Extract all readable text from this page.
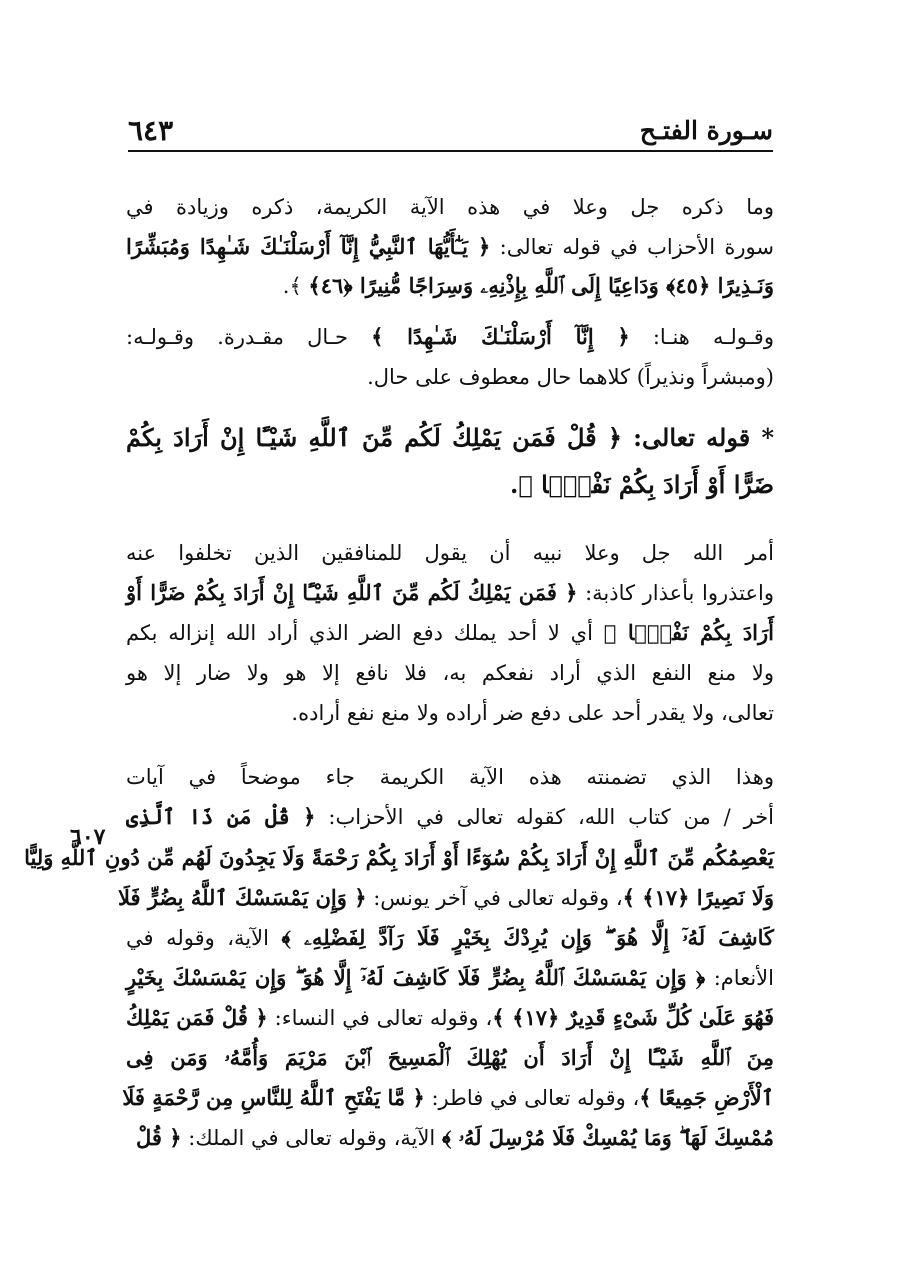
سـورة الفتـح
٦٤٣
وما ذكره جل وعلا في هذه الآية الكريمة، ذكره وزيادة في
سورة الأحزاب في قوله تعالى: ﴿ يَـٰٓأَيُّهَا ٱلنَّبِيُّ إِنَّآ أَرْسَلْنَـٰكَ شَـٰهِدًا وَمُبَشِّرًا
وَنَـذِيرًا ﴿٤٥﴾ وَدَاعِيًا إِلَى ٱللَّهِ بِإِذْنِهِۦ وَسِرَاجًا مُّنِيرًا ﴿٤٦﴾ ﴾.
وقـولـه هنـا: ﴿ إِنَّآ أَرْسَلْنَـٰكَ شَـٰهِدًا ﴾ حـال مقـدرة. وقـولـه:
(ومبشراً ونذيراً) كلاهما حال معطوف على حال.
* قوله تعالى: ﴿ قُلْ فَمَن يَمْلِكُ لَكُم مِّنَ ٱللَّهِ شَيْـًٔا إِنْ أَرَادَ بِكُمْ
ضَرًّا أَوْ أَرَادَ بِكُمْ نَفْعًۢا ﴾.
أمر الله جل وعلا نبيه أن يقول للمنافقين الذين تخلفوا عنه
واعتذروا بأعذار كاذبة: ﴿ فَمَن يَمْلِكُ لَكُم مِّنَ ٱللَّهِ شَيْـًٔا إِنْ أَرَادَ بِكُمْ ضَرًّا أَوْ
أَرَادَ بِكُمْ نَفْعًۢا ﴾ أي لا أحد يملك دفع الضر الذي أراد الله إنزاله بكم
ولا منع النفع الذي أراد نفعكم به، فلا نافع إلا هو ولا ضار إلا هو
تعالى، ولا يقدر أحد على دفع ضر أراده ولا منع نفع أراده.
وهذا الذي تضمنته هذه الآية الكريمة جاء موضحاً في آيات
أخر / من كتاب الله، كقوله تعالى في الأحزاب: ﴿ قُلْ مَن ذَا ٱلَّذِى
يَعْصِمُكُم مِّنَ ٱللَّهِ إِنْ أَرَادَ بِكُمْ سُوٓءًا أَوْ أَرَادَ بِكُمْ رَحْمَةً وَلَا يَجِدُونَ لَهُم مِّن دُونِ ٱللَّهِ وَلِيًّا
وَلَا نَصِيرًا ﴿١٧﴾ ﴾، وقوله تعالى في آخر يونس: ﴿ وَإِن يَمْسَسْكَ ٱللَّهُ بِضُرٍّ فَلَا
كَاشِفَ لَهُۥٓ إِلَّا هُوَ ۖ وَإِن يُرِدْكَ بِخَيْرٍ فَلَا رَآدَّ لِفَضْلِهِۦ ﴾ الآية، وقوله في
الأنعام: ﴿ وَإِن يَمْسَسْكَ ٱللَّهُ بِضُرٍّ فَلَا كَاشِفَ لَهُۥٓ إِلَّا هُوَ ۖ وَإِن يَمْسَسْكَ بِخَيْرٍ
فَهُوَ عَلَىٰ كُلِّ شَىْءٍ قَدِيرٌ ﴿١٧﴾ ﴾، وقوله تعالى في النساء: ﴿ قُلْ فَمَن يَمْلِكُ
مِنَ ٱللَّهِ شَيْـًٔا إِنْ أَرَادَ أَن يُهْلِكَ ٱلْمَسِيحَ ٱبْنَ مَرْيَمَ وَأُمَّهُۥ وَمَن فِى
ٱلْأَرْضِ جَمِيعًا ﴾، وقوله تعالى في فاطر: ﴿ مَّا يَفْتَحِ ٱللَّهُ لِلنَّاسِ مِن رَّحْمَةٍ فَلَا
مُمْسِكَ لَهَا ۖ وَمَا يُمْسِكْ فَلَا مُرْسِلَ لَهُۥ ﴾ الآية، وقوله تعالى في الملك: ﴿ قُلْ
٦٠٧
